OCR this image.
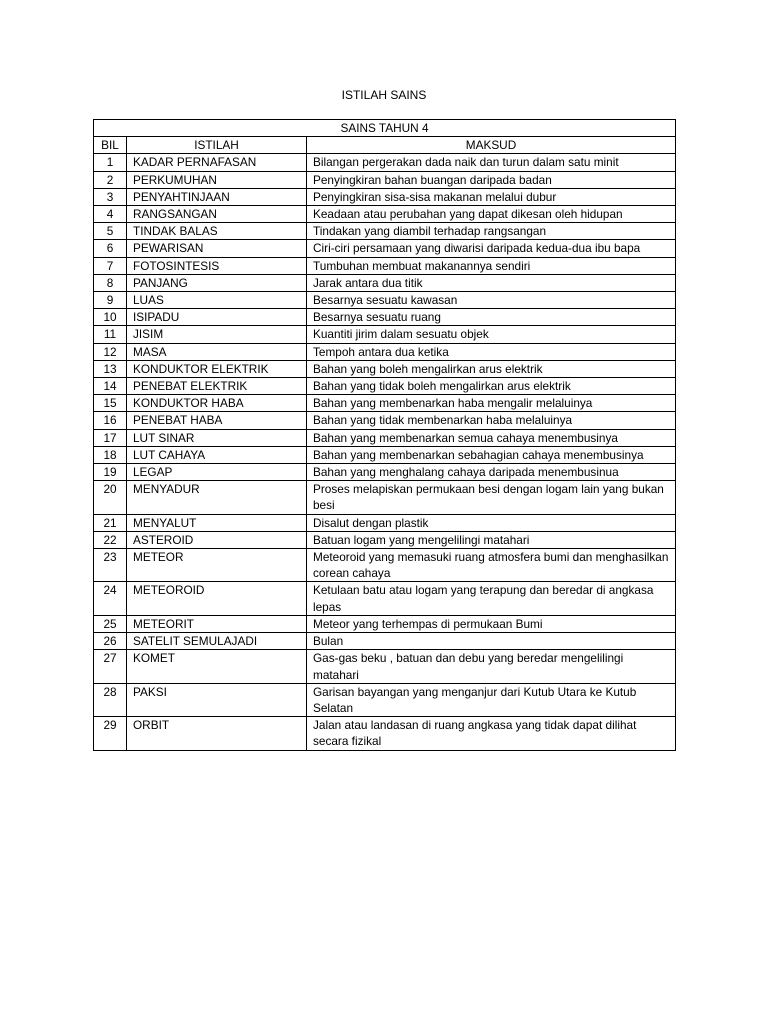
ISTILAH SAINS
SAINS TAHUN 4		
BIL	ISTILAH	MAKSUD
1	KADAR PERNAFASAN	Bilangan pergerakan dada naik dan turun dalam satu minit
2	PERKUMUHAN	Penyingkiran bahan buangan daripada badan
3	PENYAHTINJAAN	Penyingkiran sisa-sisa makanan melalui dubur
4	RANGSANGAN	Keadaan atau perubahan yang dapat dikesan oleh hidupan
5	TINDAK BALAS	Tindakan yang diambil terhadap rangsangan
6	PEWARISAN	Ciri-ciri persamaan yang diwarisi daripada kedua-dua ibu bapa
7	FOTOSINTESIS	Tumbuhan membuat makanannya sendiri
8	PANJANG	Jarak antara dua titik
9	LUAS	Besarnya sesuatu kawasan
10	ISIPADU	Besarnya sesuatu ruang
11	JISIM	Kuantiti jirim dalam sesuatu objek
12	MASA	Tempoh antara dua ketika
13	KONDUKTOR ELEKTRIK	Bahan yang boleh mengalirkan arus elektrik
14	PENEBAT ELEKTRIK	Bahan yang tidak boleh mengalirkan arus elektrik
15	KONDUKTOR HABA	Bahan yang membenarkan haba mengalir melaluinya
16	PENEBAT HABA	Bahan yang tidak membenarkan haba melaluinya
17	LUT SINAR	Bahan yang membenarkan semua cahaya menembusinya
18	LUT CAHAYA	Bahan yang membenarkan sebahagian cahaya menembusinya
19	LEGAP	Bahan yang menghalang cahaya daripada menembusinua
20	MENYADUR	Proses melapiskan permukaan besi dengan logam lain yang bukan besi
21	MENYALUT	Disalut dengan plastik
22	ASTEROID	Batuan logam yang mengelilingi matahari
23	METEOR	Meteoroid yang memasuki ruang atmosfera bumi dan menghasilkan corean cahaya
24	METEOROID	Ketulaan batu atau logam yang terapung dan beredar di angkasa lepas
25	METEORIT	Meteor yang terhempas di permukaan Bumi
26	SATELIT SEMULAJADI	Bulan
27	KOMET	Gas-gas beku , batuan dan debu yang beredar mengelilingi matahari
28	PAKSI	Garisan bayangan yang menganjur dari Kutub Utara ke Kutub Selatan
29	ORBIT	Jalan atau landasan di ruang angkasa yang tidak dapat dilihat secara fizikal
